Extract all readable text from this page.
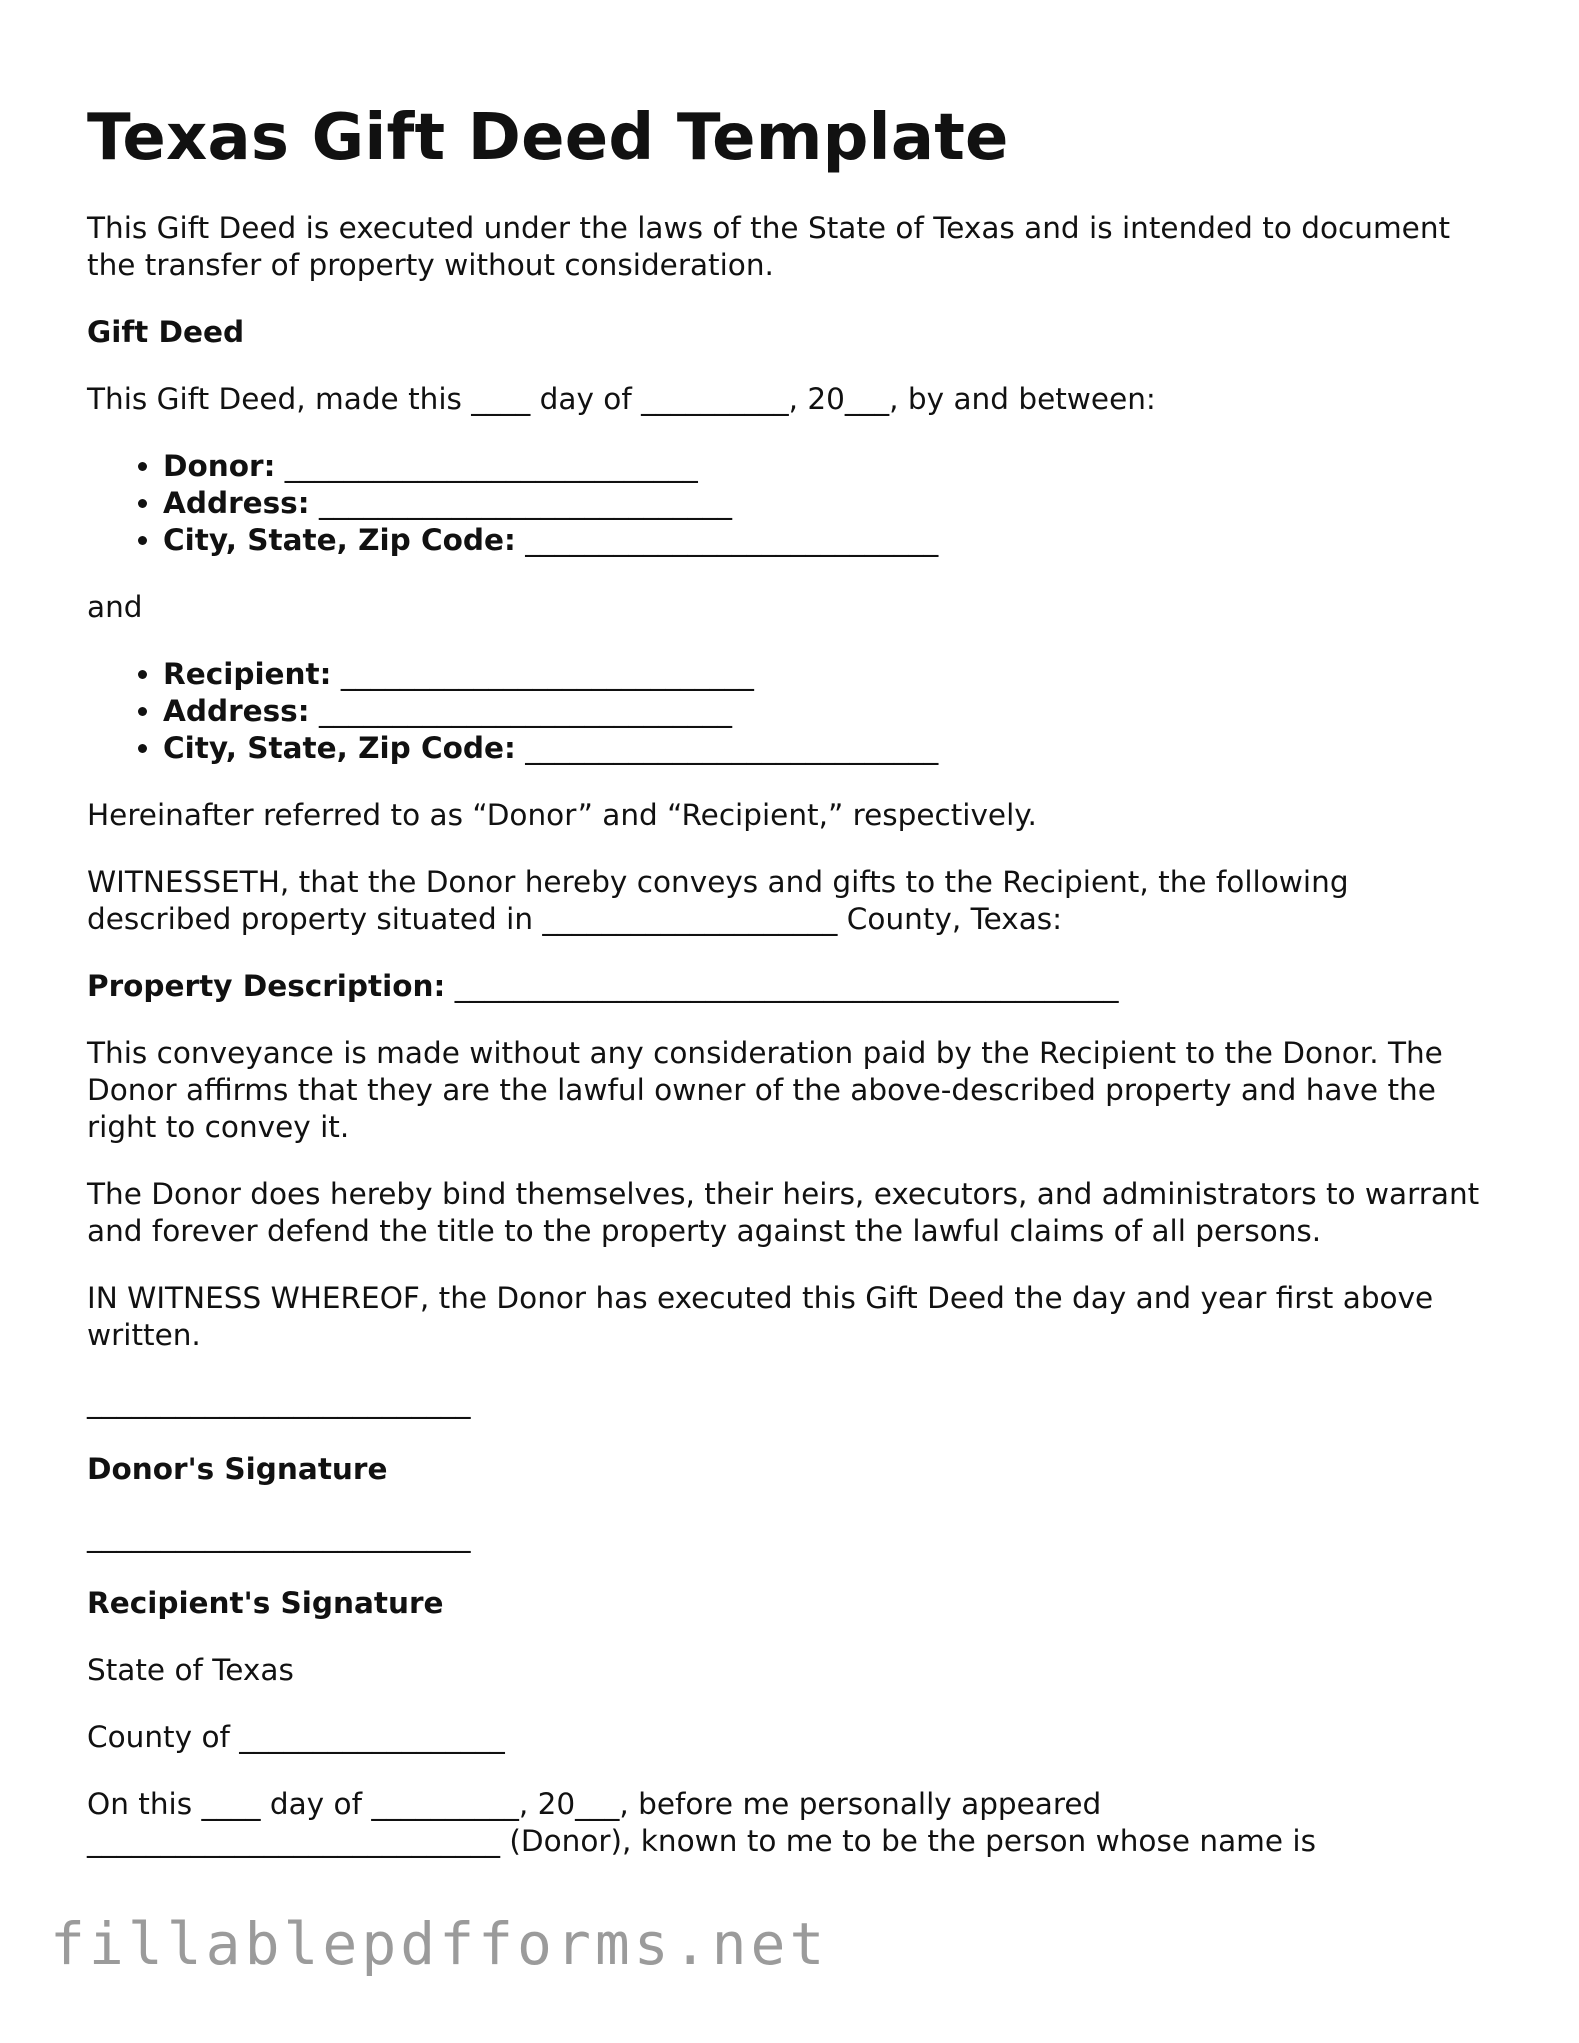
Texas Gift Deed Template

This Gift Deed is executed under the laws of the State of Texas and is intended to document the transfer of property without consideration.

Gift Deed

This Gift Deed, made this ____ day of __________, 20___, by and between:

• Donor: ____________________________
• Address: ____________________________
• City, State, Zip Code: ____________________________

and

• Recipient: ____________________________
• Address: ____________________________
• City, State, Zip Code: ____________________________

Hereinafter referred to as “Donor” and “Recipient,” respectively.

WITNESSETH, that the Donor hereby conveys and gifts to the Recipient, the following described property situated in ____________________ County, Texas:

Property Description: _____________________________________________

This conveyance is made without any consideration paid by the Recipient to the Donor. The Donor affirms that they are the lawful owner of the above-described property and have the right to convey it.

The Donor does hereby bind themselves, their heirs, executors, and administrators to warrant and forever defend the title to the property against the lawful claims of all persons.

IN WITNESS WHEREOF, the Donor has executed this Gift Deed the day and year first above written.

__________________________
Donor's Signature
__________________________
Recipient's Signature

State of Texas

County of __________________

On this ____ day of __________, 20___, before me personally appeared ____________________________ (Donor), known to me to be the person whose name is

fillablepdfforms.net
